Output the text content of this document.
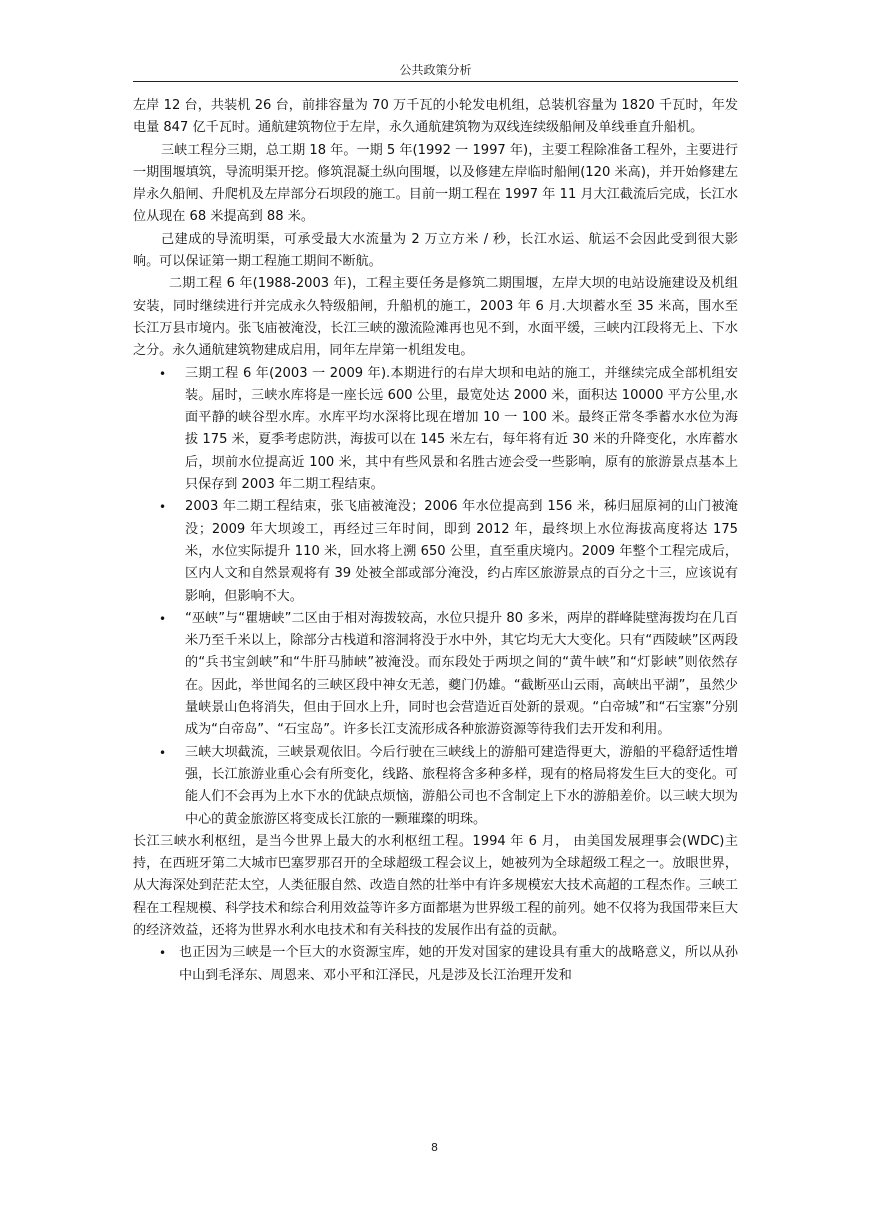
公共政策分析

左岸 12 台，共装机 26 台，前排容量为 70 万千瓦的小轮发电机组，总装机容量为 1820 千瓦时，年发电量 847 亿千瓦时。通航建筑物位于左岸，永久通航建筑物为双线连续级船闸及单线垂直升船机。

三峡工程分三期，总工期 18 年。一期 5 年(1992 一 1997 年)，主要工程除准备工程外，主要进行一期围堰填筑，导流明渠开挖。修筑混凝土纵向围堰，以及修建左岸临时船闸(120 米高)，并开始修建左岸永久船闸、升爬机及左岸部分石坝段的施工。目前一期工程在 1997 年 11 月大江截流后完成，长江水位从现在 68 米提高到 88 米。

己建成的导流明渠，可承受最大水流量为 2 万立方米 / 秒，长江水运、航运不会因此受到很大影响。可以保证第一期工程施工期间不断航。

二期工程 6 年(1988-2003 年)，工程主要任务是修筑二期围堰，左岸大坝的电站设施建设及机组安装，同时继续进行并完成永久特级船闸，升船机的施工，2003 年 6 月.大坝蓄水至 35 米高，围水至长江万县市境内。张飞庙被淹没，长江三峡的激流险滩再也见不到，水面平缓，三峡内江段将无上、下水之分。永久通航建筑物建成启用，同年左岸第一机组发电。

• 三期工程 6 年(2003 一 2009 年).本期进行的右岸大坝和电站的施工，并继续完成全部机组安装。届时，三峡水库将是一座长远 600 公里，最宽处达 2000 米，面积达 10000 平方公里,水面平静的峡谷型水库。水库平均水深将比现在增加 10 一 100 米。最终正常冬季蓄水水位为海拔 175 米，夏季考虑防洪，海拔可以在 145 米左右，每年将有近 30 米的升降变化，水库蓄水后，坝前水位提高近 100 米，其中有些风景和名胜古迹会受一些影响，原有的旅游景点基本上只保存到 2003 年二期工程结束。
• 2003 年二期工程结束，张飞庙被淹没；2006 年水位提高到 156 米，秭归屈原祠的山门被淹没；2009 年大坝竣工，再经过三年时间，即到 2012 年，最终坝上水位海拔高度将达 175 米，水位实际提升 110 米，回水将上溯 650 公里，直至重庆境内。2009 年整个工程完成后，区内人文和自然景观将有 39 处被全部或部分淹没，约占库区旅游景点的百分之十三，应该说有影响，但影响不大。
• “巫峡”与“瞿塘峡”二区由于相对海拨较高，水位只提升 80 多米，两岸的群峰陡壁海拨均在几百米乃至千米以上，除部分古栈道和溶洞将没于水中外，其它均无大大变化。只有“西陵峡”区两段的“兵书宝剑峡”和“牛肝马肺峡”被淹没。而东段处于两坝之间的“黄牛峡”和“灯影峡”则依然存在。因此，举世闻名的三峡区段中神女无恙，夔门仍雄。“截断巫山云雨，高峡出平湖”，虽然少量峡景山色将消失，但由于回水上升，同时也会营造近百处新的景观。“白帝城”和“石宝寨”分别成为“白帝岛”、“石宝岛”。许多长江支流形成各种旅游资源等待我们去开发和利用。
• 三峡大坝截流，三峡景观依旧。今后行驶在三峡线上的游船可建造得更大，游船的平稳舒适性增强，长江旅游业重心会有所变化，线路、旅程将含多种多样，现有的格局将发生巨大的变化。可能人们不会再为上水下水的优缺点烦恼，游船公司也不含制定上下水的游船差价。以三峡大坝为中心的黄金旅游区将变成长江旅的一颗璀璨的明珠。

长江三峡水利枢纽，是当今世界上最大的水利枢纽工程。1994 年 6 月， 由美国发展理事会(WDC)主持，在西班牙第二大城市巴塞罗那召开的全球超级工程会议上，她被列为全球超级工程之一。放眼世界，从大海深处到茫茫太空，人类征服自然、改造自然的壮举中有许多规模宏大技术高超的工程杰作。三峡工程在工程规模、科学技术和综合利用效益等许多方面都堪为世界级工程的前列。她不仅将为我国带来巨大的经济效益，还将为世界水利水电技术和有关科技的发展作出有益的贡献。

• 也正因为三峡是一个巨大的水资源宝库，她的开发对国家的建设具有重大的战略意义，所以从孙中山到毛泽东、周恩来、邓小平和江泽民，凡是涉及长江治理开发和
8
